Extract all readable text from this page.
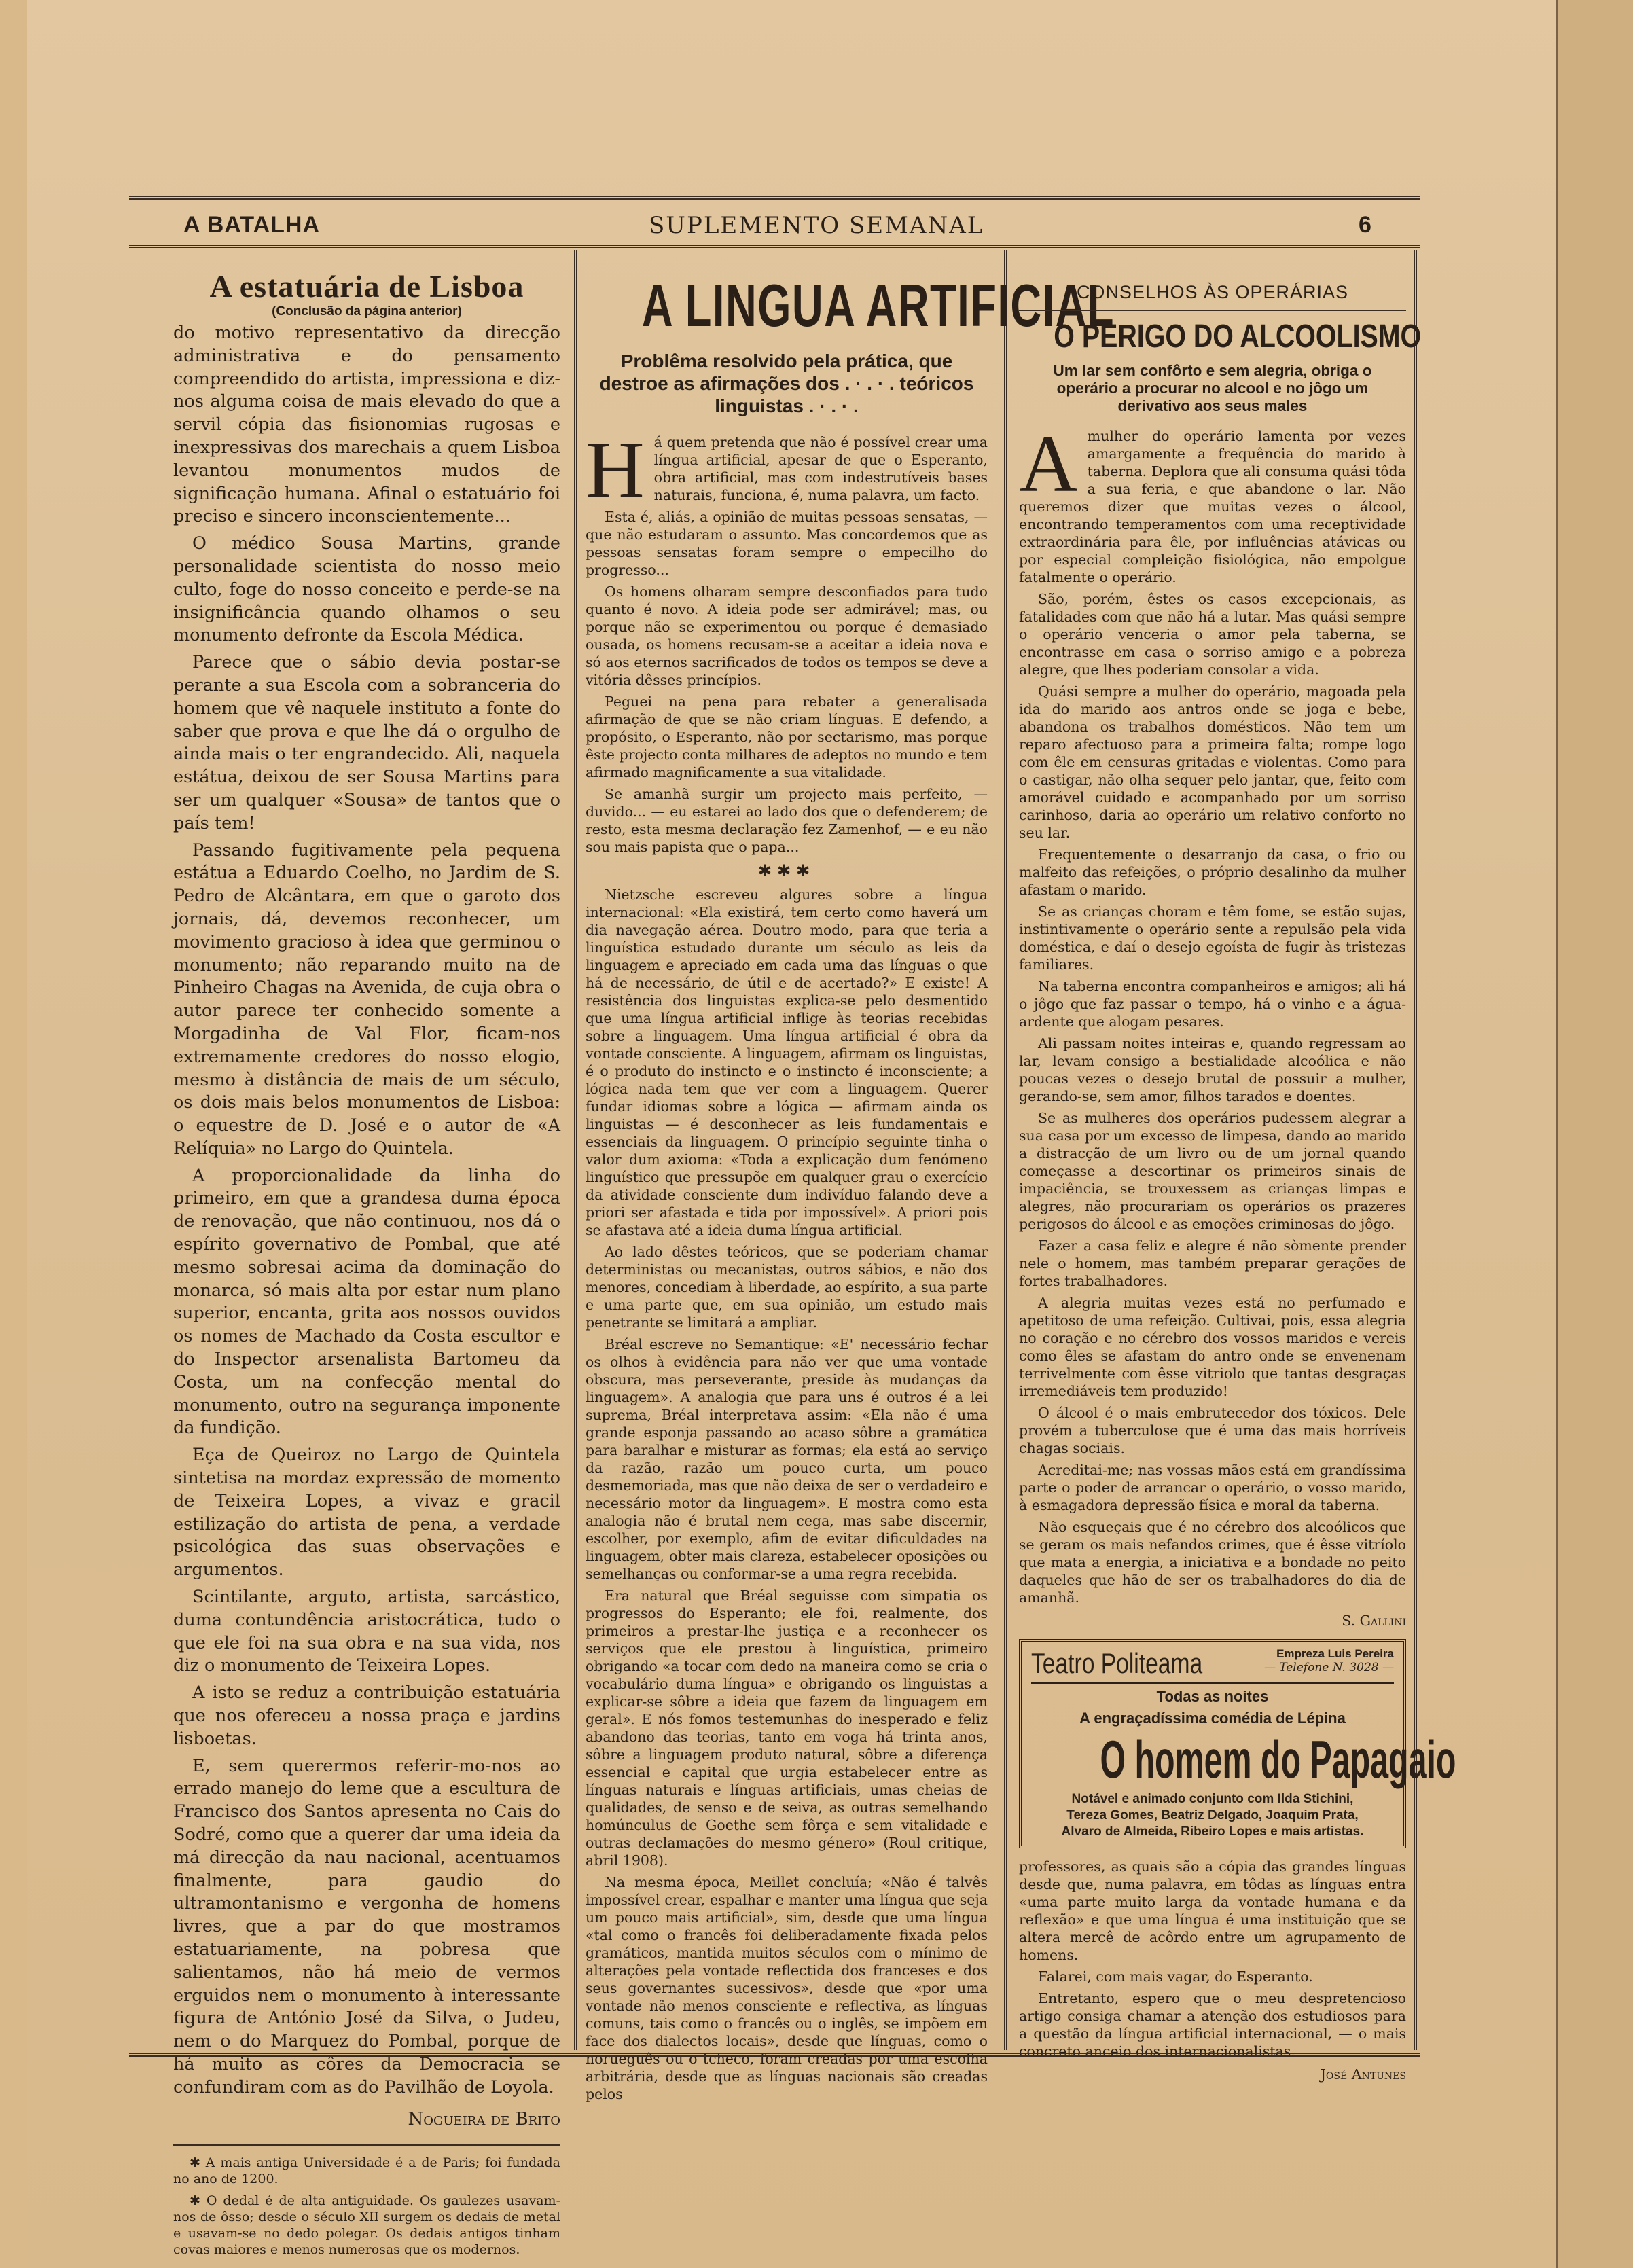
A BATALHA	SUPLEMENTO SEMANAL	6
A estatuária de Lisboa
(Conclusão da página anterior)

do motivo representativo da direcção administrativa e do pensamento compreendido do artista, impressiona e diz-nos alguma coisa de mais elevado do que a servil cópia das fisionomias rugosas e inexpressivas dos marechais a quem Lisboa levantou monumentos mudos de significação humana. Afinal o estatuário foi preciso e sincero inconscientemente...

O médico Sousa Martins, grande personalidade scientista do nosso meio culto, foge do nosso conceito e perde-se na insignificância quando olhamos o seu monumento defronte da Escola Médica.

Parece que o sábio devia postar-se perante a sua Escola com a sobranceria do homem que vê naquele instituto a fonte do saber que prova e que lhe dá o orgulho de ainda mais o ter engrandecido. Ali, naquela estátua, deixou de ser Sousa Martins para ser um qualquer «Sousa» de tantos que o país tem!

Passando fugitivamente pela pequena estátua a Eduardo Coelho, no Jardim de S. Pedro de Alcântara, em que o garoto dos jornais, dá, devemos reconhecer, um movimento gracioso à idea que germinou o monumento; não reparando muito na de Pinheiro Chagas na Avenida, de cuja obra o autor parece ter conhecido somente a Morgadinha de Val Flor, ficam-nos extremamente credores do nosso elogio, mesmo à distância de mais de um século, os dois mais belos monumentos de Lisboa: o equestre de D. José e o autor de «A Relíquia» no Largo do Quintela.

A proporcionalidade da linha do primeiro, em que a grandesa duma época de renovação, que não continuou, nos dá o espírito governativo de Pombal, que até mesmo sobresai acima da dominação do monarca, só mais alta por estar num plano superior, encanta, grita aos nossos ouvidos os nomes de Machado da Costa escultor e do Inspector arsenalista Bartomeu da Costa, um na confecção mental do monumento, outro na segurança imponente da fundição.

Eça de Queiroz no Largo de Quintela sintetisa na mordaz expressão de momento de Teixeira Lopes, a vivaz e gracil estilização do artista de pena, a verdade psicológica das suas observações e argumentos.

Scintilante, arguto, artista, sarcástico, duma contundência aristocrática, tudo o que ele foi na sua obra e na sua vida, nos diz o monumento de Teixeira Lopes.

A isto se reduz a contribuição estatuária que nos ofereceu a nossa praça e jardins lisboetas.

E, sem querermos referir-mo-nos ao errado manejo do leme que a escultura de Francisco dos Santos apresenta no Cais do Sodré, como que a querer dar uma ideia da má direcção da nau nacional, acentuamos finalmente, para gaudio do ultramontanismo e vergonha de homens livres, que a par do que mostramos estatuariamente, na pobresa que salientamos, não há meio de vermos erguidos nem o monumento à interessante figura de António José da Silva, o Judeu, nem o do Marquez do Pombal, porque de há muito as côres da Democracia se confundiram com as do Pavilhão de Loyola.

Nogueira de Brito

✱ A mais antiga Universidade é a de Paris; foi fundada no ano de 1200.

✱ O dedal é de alta antiguidade. Os gaulezes usavam-nos de ôsso; desde o século XII surgem os dedais de metal e usavam-se no dedo polegar. Os dedais antigos tinham covas maiores e menos numerosas que os modernos.

A LINGUA ARTIFICIAL
Problêma resolvido pela prática, que destroe as afirmações dos . · . · . teóricos linguistas . · . · .

Há quem pretenda que não é possível crear uma língua artificial, apesar de que o Esperanto, obra artificial, mas com indestrutíveis bases naturais, funciona, é, numa palavra, um facto.

Esta é, aliás, a opinião de muitas pessoas sensatas, — que não estudaram o assunto. Mas concordemos que as pessoas sensatas foram sempre o empecilho do progresso...

Os homens olharam sempre desconfiados para tudo quanto é novo. A ideia pode ser admirável; mas, ou porque não se experimentou ou porque é demasiado ousada, os homens recusam-se a aceitar a ideia nova e só aos eternos sacrificados de todos os tempos se deve a vitória dêsses princípios.

Peguei na pena para rebater a generalisada afirmação de que se não criam línguas. E defendo, a propósito, o Esperanto, não por sectarismo, mas porque êste projecto conta milhares de adeptos no mundo e tem afirmado magnificamente a sua vitalidade.

Se amanhã surgir um projecto mais perfeito, — duvido... — eu estarei ao lado dos que o defenderem; de resto, esta mesma declaração fez Zamenhof, — e eu não sou mais papista que o papa...

✱✱✱

Nietzsche escreveu algures sobre a língua internacional: «Ela existirá, tem certo como haverá um dia navegação aérea. Doutro modo, para que teria a linguística estudado durante um século as leis da linguagem e apreciado em cada uma das línguas o que há de necessário, de útil e de acertado?» E existe! A resistência dos linguistas explica-se pelo desmentido que uma língua artificial inflige às teorias recebidas sobre a linguagem. Uma língua artificial é obra da vontade consciente. A linguagem, afirmam os linguistas, é o produto do instincto e o instincto é inconsciente; a lógica nada tem que ver com a linguagem. Querer fundar idiomas sobre a lógica — afirmam ainda os linguistas — é desconhecer as leis fundamentais e essenciais da linguagem. O princípio seguinte tinha o valor dum axioma: «Toda a explicação dum fenómeno linguístico que pressupõe em qualquer grau o exercício da atividade consciente dum indivíduo falando deve a priori ser afastada e tida por impossível». A priori pois se afastava até a ideia duma língua artificial.

Ao lado dêstes teóricos, que se poderiam chamar deterministas ou mecanistas, outros sábios, e não dos menores, concediam à liberdade, ao espírito, a sua parte e uma parte que, em sua opinião, um estudo mais penetrante se limitará a ampliar.

Bréal escreve no Semantique: «E' necessário fechar os olhos à evidência para não ver que uma vontade obscura, mas perseverante, preside às mudanças da linguagem». A analogia que para uns é outros é a lei suprema, Bréal interpretava assim: «Ela não é uma grande esponja passando ao acaso sôbre a gramática para baralhar e misturar as formas; ela está ao serviço da razão, razão um pouco curta, um pouco desmemoriada, mas que não deixa de ser o verdadeiro e necessário motor da linguagem». E mostra como esta analogia não é brutal nem cega, mas sabe discernir, escolher, por exemplo, afim de evitar dificuldades na linguagem, obter mais clareza, estabelecer oposições ou semelhanças ou conformar-se a uma regra recebida.

Era natural que Bréal seguisse com simpatia os progressos do Esperanto; ele foi, realmente, dos primeiros a prestar-lhe justiça e a reconhecer os serviços que ele prestou à linguística, primeiro obrigando «a tocar com dedo na maneira como se cria o vocabulário duma língua» e obrigando os linguistas a explicar-se sôbre a ideia que fazem da linguagem em geral». E nós fomos testemunhas do inesperado e feliz abandono das teorias, tanto em voga há trinta anos, sôbre a linguagem produto natural, sôbre a diferença essencial e capital que urgia estabelecer entre as línguas naturais e línguas artificiais, umas cheias de qualidades, de senso e de seiva, as outras semelhando homúnculus de Goethe sem fôrça e sem vitalidade e outras declamações do mesmo género» (Roul critique, abril 1908).

Na mesma época, Meillet concluía; «Não é talvês impossível crear, espalhar e manter uma língua que seja um pouco mais artificial», sim, desde que uma língua «tal como o francês foi deliberadamente fixada pelos gramáticos, mantida muitos séculos com o mínimo de alterações pela vontade reflectida dos franceses e dos seus governantes sucessivos», desde que «por uma vontade não menos consciente e reflectiva, as línguas comuns, tais como o francês ou o inglês, se impõem em face dos dialectos locais», desde que línguas, como o norueguês ou o tcheco, foram creadas por uma escolha arbitrária, desde que as línguas nacionais são creadas pelos

CONSELHOS ÀS OPERÁRIAS
O PERIGO DO ALCOOLISMO
Um lar sem confôrto e sem alegria, obriga o operário a procurar no alcool e no jôgo um derivativo aos seus males

Amulher do operário lamenta por vezes amargamente a frequência do marido à taberna. Deplora que ali consuma quási tôda a sua feria, e que abandone o lar. Não queremos dizer que muitas vezes o álcool, encontrando temperamentos com uma receptividade extraordinária para êle, por influências atávicas ou por especial compleição fisiológica, não empolgue fatalmente o operário.

São, porém, êstes os casos excepcionais, as fatalidades com que não há a lutar. Mas quási sempre o operário venceria o amor pela taberna, se encontrasse em casa o sorriso amigo e a pobreza alegre, que lhes poderiam consolar a vida.

Quási sempre a mulher do operário, magoada pela ida do marido aos antros onde se joga e bebe, abandona os trabalhos domésticos. Não tem um reparo afectuoso para a primeira falta; rompe logo com êle em censuras gritadas e violentas. Como para o castigar, não olha sequer pelo jantar, que, feito com amorável cuidado e acompanhado por um sorriso carinhoso, daria ao operário um relativo conforto no seu lar.

Frequentemente o desarranjo da casa, o frio ou malfeito das refeições, o próprio desalinho da mulher afastam o marido.

Se as crianças choram e têm fome, se estão sujas, instintivamente o operário sente a repulsão pela vida doméstica, e daí o desejo egoísta de fugir às tristezas familiares.

Na taberna encontra companheiros e amigos; ali há o jôgo que faz passar o tempo, há o vinho e a água-ardente que alogam pesares.

Ali passam noites inteiras e, quando regressam ao lar, levam consigo a bestialidade alcoólica e não poucas vezes o desejo brutal de possuir a mulher, gerando-se, sem amor, filhos tarados e doentes.

Se as mulheres dos operários pudessem alegrar a sua casa por um excesso de limpesa, dando ao marido a distracção de um livro ou de um jornal quando começasse a descortinar os primeiros sinais de impaciência, se trouxessem as crianças limpas e alegres, não procurariam os operários os prazeres perigosos do álcool e as emoções criminosas do jôgo.

Fazer a casa feliz e alegre é não sòmente prender nele o homem, mas também preparar gerações de fortes trabalhadores.

A alegria muitas vezes está no perfumado e apetitoso de uma refeição. Cultivai, pois, essa alegria no coração e no cérebro dos vossos maridos e vereis como êles se afastam do antro onde se envenenam terrivelmente com êsse vitriolo que tantas desgraças irremediáveis tem produzido!

O álcool é o mais embrutecedor dos tóxicos. Dele provém a tuberculose que é uma das mais horríveis chagas sociais.

Acreditai-me; nas vossas mãos está em grandíssima parte o poder de arrancar o operário, o vosso marido, à esmagadora depressão física e moral da taberna.

Não esqueçais que é no cérebro dos alcoólicos que se geram os mais nefandos crimes, que é êsse vitríolo que mata a energia, a iniciativa e a bondade no peito daqueles que hão de ser os trabalhadores do dia de amanhã.

S. Gallini
Teatro Politeama	Empreza Luis Pereira
— Telefone N. 3028 —
Todas as noites
A engraçadíssima comédia de Lépina
O homem do Papagaio
Notável e animado conjunto com Ilda Stichini,
Tereza Gomes, Beatriz Delgado, Joaquim Prata,
Alvaro de Almeida, Ribeiro Lopes e mais artistas.

professores, as quais são a cópia das grandes línguas desde que, numa palavra, em tôdas as línguas entra «uma parte muito larga da vontade humana e da reflexão» e que uma língua é uma instituição que se altera mercê de acôrdo entre um agrupamento de homens.

Falarei, com mais vagar, do Esperanto.

Entretanto, espero que o meu despretencioso artigo consiga chamar a atenção dos estudiosos para a questão da língua artificial internacional, — o mais concreto anceio dos internacionalistas.

José Antunes
